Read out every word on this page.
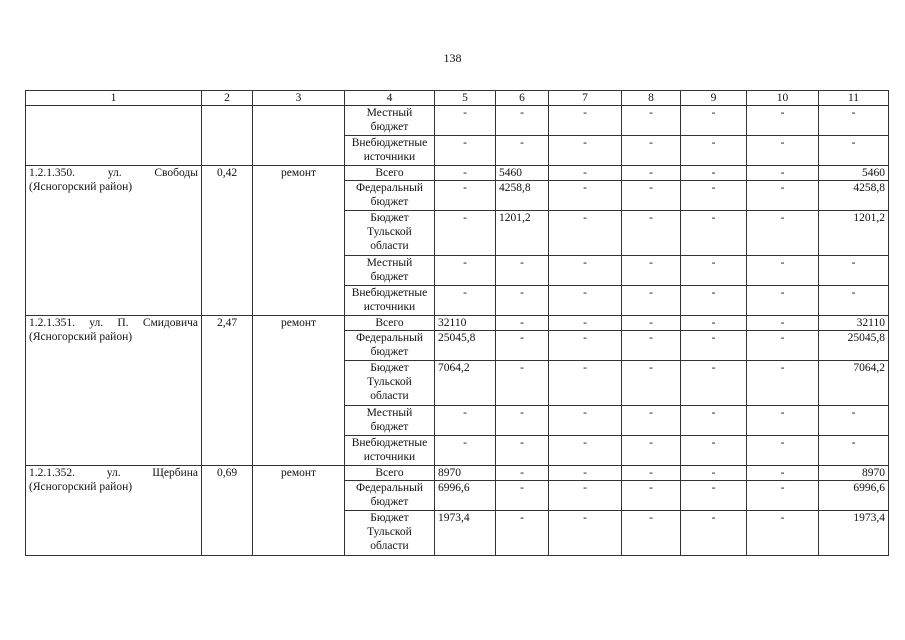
138
1	2	3	4	5	6	7	8	9	10	11

			Местный
бюджет	-	-	-	-	-	-	-

			Внебюджетные
источники	-	-	-	-	-	-	-

1.2.1.350. ул. Свободы
(Ясногорский район)	0,42	ремонт	Всего	-	5460	-	-	-	-	5460

			Федеральный
бюджет	-	4258,8	-	-	-	-	4258,8

			Бюджет
Тульской
области	-	1201,2	-	-	-	-	1201,2

			Местный
бюджет	-	-	-	-	-	-	-

			Внебюджетные
источники	-	-	-	-	-	-	-

1.2.1.351. ул. П. Смидовича
(Ясногорский район)	2,47	ремонт	Всего	32110	-	-	-	-	-	32110

			Федеральный
бюджет	25045,8	-	-	-	-	-	25045,8

			Бюджет
Тульской
области	7064,2	-	-	-	-	-	7064,2

			Местный
бюджет	-	-	-	-	-	-	-

			Внебюджетные
источники	-	-	-	-	-	-	-

1.2.1.352. ул. Щербина
(Ясногорский район)	0,69	ремонт	Всего	8970	-	-	-	-	-	8970

			Федеральный
бюджет	6996,6	-	-	-	-	-	6996,6

			Бюджет
Тульской
области	1973,4	-	-	-	-	-	1973,4
